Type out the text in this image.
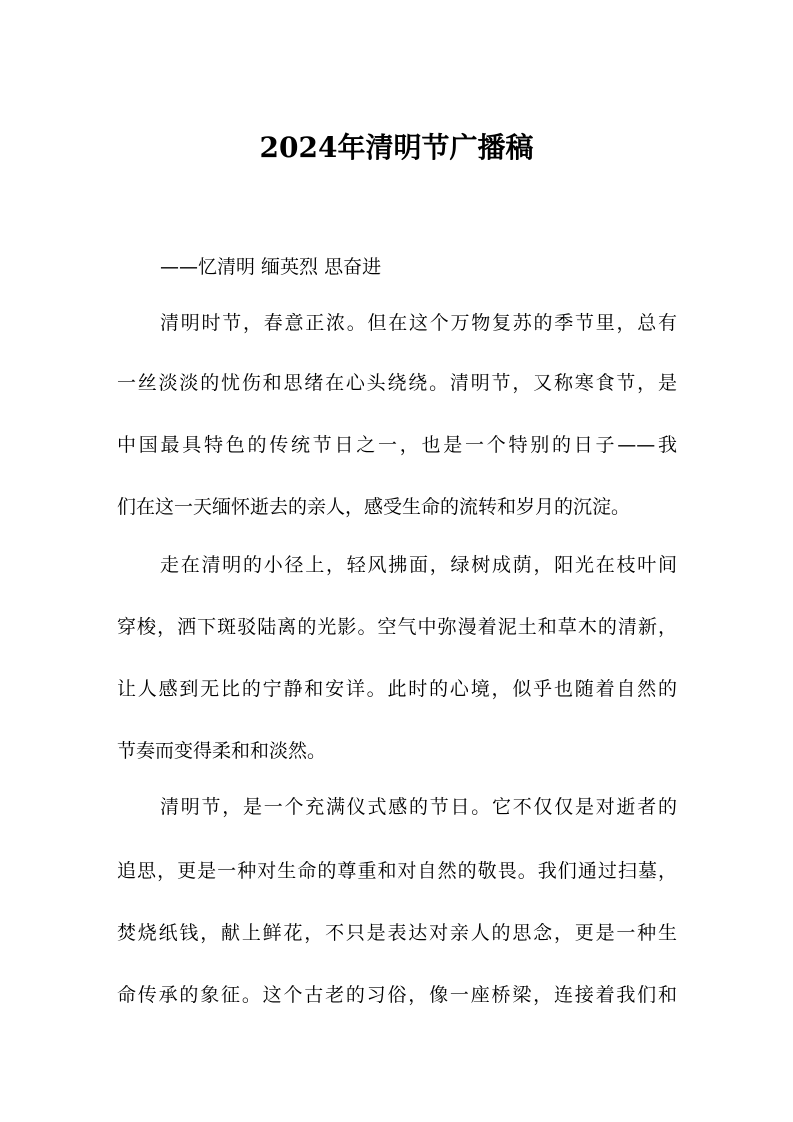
2024年清明节广播稿
——忆清明 缅英烈 思奋进
清明时节，春意正浓。但在这个万物复苏的季节里，总有
一丝淡淡的忧伤和思绪在心头绕绕。清明节，又称寒食节，是
中国最具特色的传统节日之一，也是一个特别的日子——我
们在这一天缅怀逝去的亲人，感受生命的流转和岁月的沉淀。
走在清明的小径上，轻风拂面，绿树成荫，阳光在枝叶间
穿梭，洒下斑驳陆离的光影。空气中弥漫着泥土和草木的清新，
让人感到无比的宁静和安详。此时的心境，似乎也随着自然的
节奏而变得柔和和淡然。
清明节，是一个充满仪式感的节日。它不仅仅是对逝者的
追思，更是一种对生命的尊重和对自然的敬畏。我们通过扫墓，
焚烧纸钱，献上鲜花，不只是表达对亲人的思念，更是一种生
命传承的象征。这个古老的习俗，像一座桥梁，连接着我们和
